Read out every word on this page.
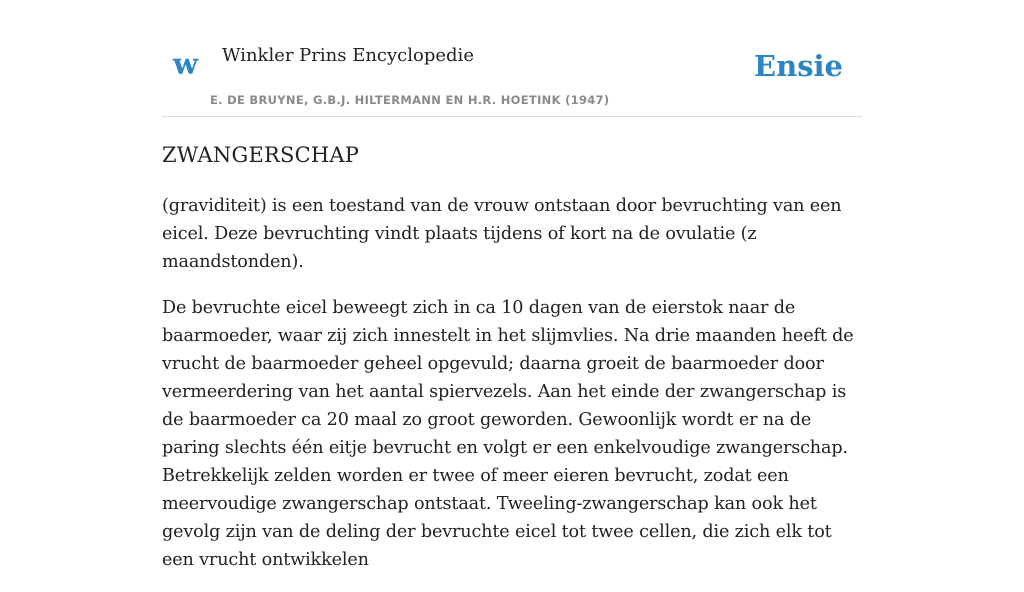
w Winkler Prins Encyclopedie
E. DE BRUYNE, G.B.J. HILTERMANN EN H.R. HOETINK (1947)
Ensie
ZWANGERSCHAP

(graviditeit) is een toestand van de vrouw ontstaan door bevruchting van een eicel. Deze bevruchting vindt plaats tijdens of kort na de ovulatie (z maandstonden).

De bevruchte eicel beweegt zich in ca 10 dagen van de eierstok naar de baarmoeder, waar zij zich innestelt in het slijmvlies. Na drie maanden heeft de vrucht de baarmoeder geheel opgevuld; daarna groeit de baarmoeder door vermeerdering van het aantal spiervezels. Aan het einde der zwangerschap is de baarmoeder ca 20 maal zo groot geworden. Gewoonlijk wordt er na de paring slechts één eitje bevrucht en volgt er een enkelvoudige zwangerschap. Betrekkelijk zelden worden er twee of meer eieren bevrucht, zodat een meervoudige zwangerschap ontstaat. Tweeling-zwangerschap kan ook het gevolg zijn van de deling der bevruchte eicel tot twee cellen, die zich elk tot een vrucht ontwikkelen
